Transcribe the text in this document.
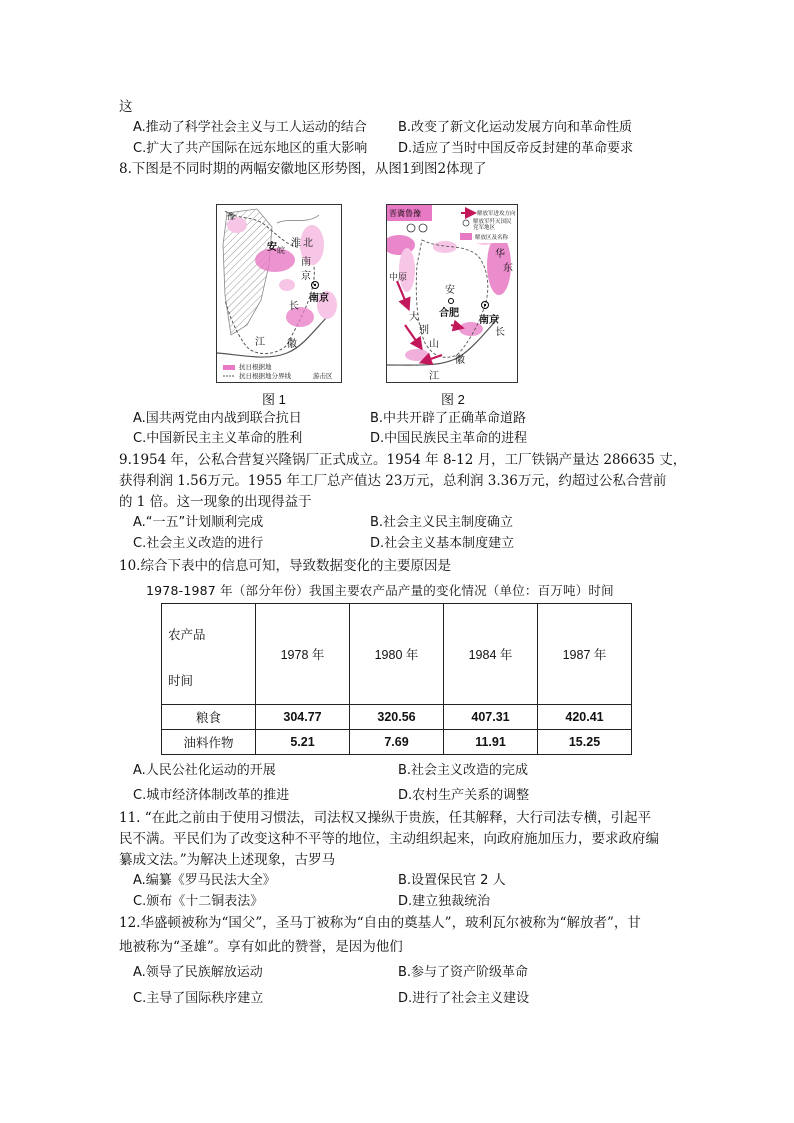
这
A.推动了科学社会主义与工人运动的结合 B.改变了新文化运动发展方向和革命性质
C.扩大了共产国际在远东地区的重大影响 D.适应了当时中国反帝反封建的革命要求
8.下图是不同时期的两幅安徽地区形势图，从图1到图2体现了
安 淮 北
南
京
南京
长
江 徽
豫
皖
抗日根据地
抗日根据地分界线	游击区
图 1
晋冀鲁豫
中原
安
合肥
大
别
山
南京
长
徽
江
华
东
解放军进攻方向
解放军歼灭国民党军地区
解放区及名称
图 2
A.国共两党由内战到联合抗日	B.中共开辟了正确革命道路
C.中国新民主主义革命的胜利	D.中国民族民主革命的进程
9.1954 年，公私合营复兴隆锅厂正式成立。1954 年 8-12 月，工厂铁锅产量达 286635 丈，
获得利润 1.56万元。1955 年工厂总产值达 23万元，总利润 3.36万元，约超过公私合营前
的 1 倍。这一现象的出现得益于
A.“一五”计划顺利完成	B.社会主义民主制度确立
C.社会主义改造的进行	D.社会主义基本制度建立
10.综合下表中的信息可知，导致数据变化的主要原因是
1978-1987 年（部分年份）我国主要农产品产量的变化情况（单位：百万吨）时间
农产品
时间	1978 年	1980 年	1984 年	1987 年
粮食	304.77	320.56	407.31	420.41
油料作物	5.21	7.69	11.91	15.25
A.人民公社化运动的开展	B.社会主义改造的完成
C.城市经济体制改革的推进	D.农村生产关系的调整
11. “在此之前由于使用习惯法，司法权又操纵于贵族，任其解释，大行司法专横，引起平
民不满。平民们为了改变这种不平等的地位，主动组织起来，向政府施加压力，要求政府编
纂成文法。”为解决上述现象，古罗马
A.编纂《罗马民法大全》	B.设置保民官 2 人
C.颁布《十二铜表法》	D.建立独裁统治
12.华盛顿被称为“国父”，圣马丁被称为“自由的奠基人”，玻利瓦尔被称为“解放者”，甘
地被称为“圣雄”。享有如此的赞誉，是因为他们
A.领导了民族解放运动	B.参与了资产阶级革命
C.主导了国际秩序建立	D.进行了社会主义建设
